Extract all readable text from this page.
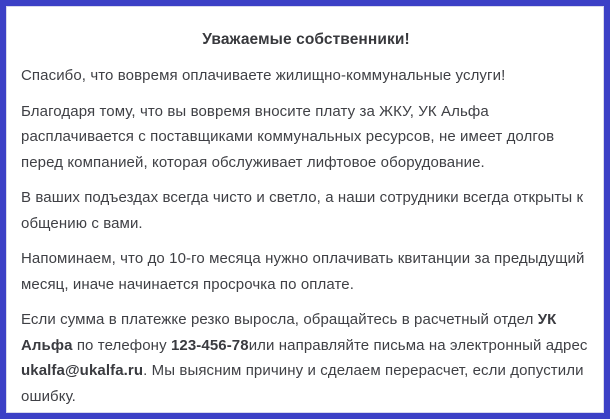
Уважаемые собственники!

Спасибо, что вовремя оплачиваете жилищно-коммунальные услуги!

Благодаря тому, что вы вовремя вносите плату за ЖКУ, УК Альфа расплачивается с поставщиками коммунальных ресурсов, не имеет долгов перед компанией, которая обслуживает лифтовое оборудование.

В ваших подъездах всегда чисто и светло, а наши сотрудники всегда открыты к общению с вами.

Напоминаем, что до 10-го месяца нужно оплачивать квитанции за предыдущий месяц, иначе начинается просрочка по оплате.

Если сумма в платежке резко выросла, обращайтесь в расчетный отдел УК Альфа по телефону 123-456-78или направляйте письма на электронный адрес ukalfa@ukalfa.ru. Мы выясним причину и сделаем перерасчет, если допустили ошибку.
